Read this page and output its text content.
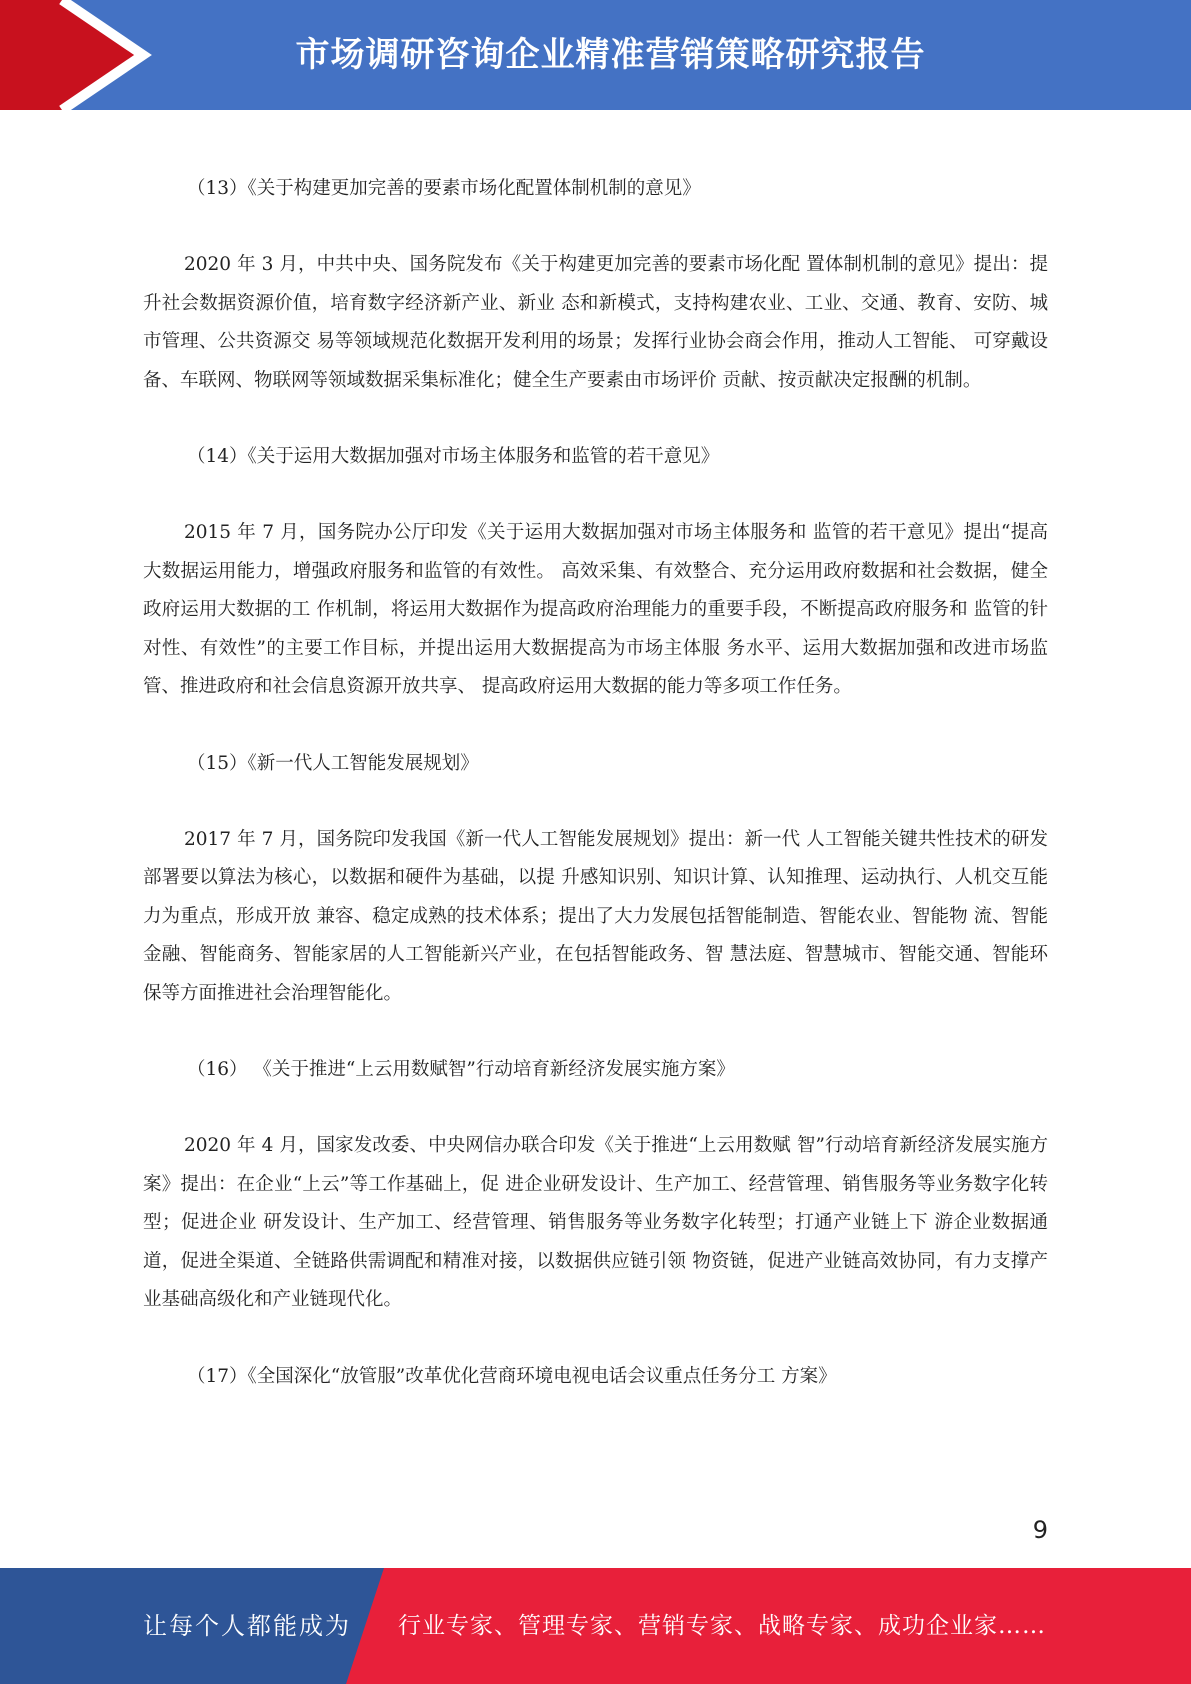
市场调研咨询企业精准营销策略研究报告

（13）《关于构建更加完善的要素市场化配置体制机制的意见》

2020 年 3 月，中共中央、国务院发布《关于构建更加完善的要素市场化配 置体制机制的意见》提出：提升社会数据资源价值，培育数字经济新产业、新业 态和新模式，支持构建农业、工业、交通、教育、安防、城市管理、公共资源交 易等领域规范化数据开发利用的场景；发挥行业协会商会作用，推动人工智能、 可穿戴设备、车联网、物联网等领域数据采集标准化；健全生产要素由市场评价 贡献、按贡献决定报酬的机制。

（14）《关于运用大数据加强对市场主体服务和监管的若干意见》

2015 年 7 月，国务院办公厅印发《关于运用大数据加强对市场主体服务和 监管的若干意见》提出“提高大数据运用能力，增强政府服务和监管的有效性。 高效采集、有效整合、充分运用政府数据和社会数据，健全政府运用大数据的工 作机制，将运用大数据作为提高政府治理能力的重要手段，不断提高政府服务和 监管的针对性、有效性”的主要工作目标，并提出运用大数据提高为市场主体服 务水平、运用大数据加强和改进市场监管、推进政府和社会信息资源开放共享、 提高政府运用大数据的能力等多项工作任务。

（15）《新一代人工智能发展规划》

2017 年 7 月，国务院印发我国《新一代人工智能发展规划》提出：新一代 人工智能关键共性技术的研发部署要以算法为核心，以数据和硬件为基础，以提 升感知识别、知识计算、认知推理、运动执行、人机交互能力为重点，形成开放 兼容、稳定成熟的技术体系；提出了大力发展包括智能制造、智能农业、智能物 流、智能金融、智能商务、智能家居的人工智能新兴产业，在包括智能政务、智 慧法庭、智慧城市、智能交通、智能环保等方面推进社会治理智能化。

（16） 《关于推进“上云用数赋智”行动培育新经济发展实施方案》

2020 年 4 月，国家发改委、中央网信办联合印发《关于推进“上云用数赋 智”行动培育新经济发展实施方案》提出：在企业“上云”等工作基础上，促 进企业研发设计、生产加工、经营管理、销售服务等业务数字化转型；促进企业 研发设计、生产加工、经营管理、销售服务等业务数字化转型；打通产业链上下 游企业数据通道，促进全渠道、全链路供需调配和精准对接，以数据供应链引领 物资链，促进产业链高效协同，有力支撑产业基础高级化和产业链现代化。

（17）《全国深化“放管服”改革优化营商环境电视电话会议重点任务分工 方案》

9
让每个人都能成为 行业专家、管理专家、营销专家、战略专家、成功企业家……
